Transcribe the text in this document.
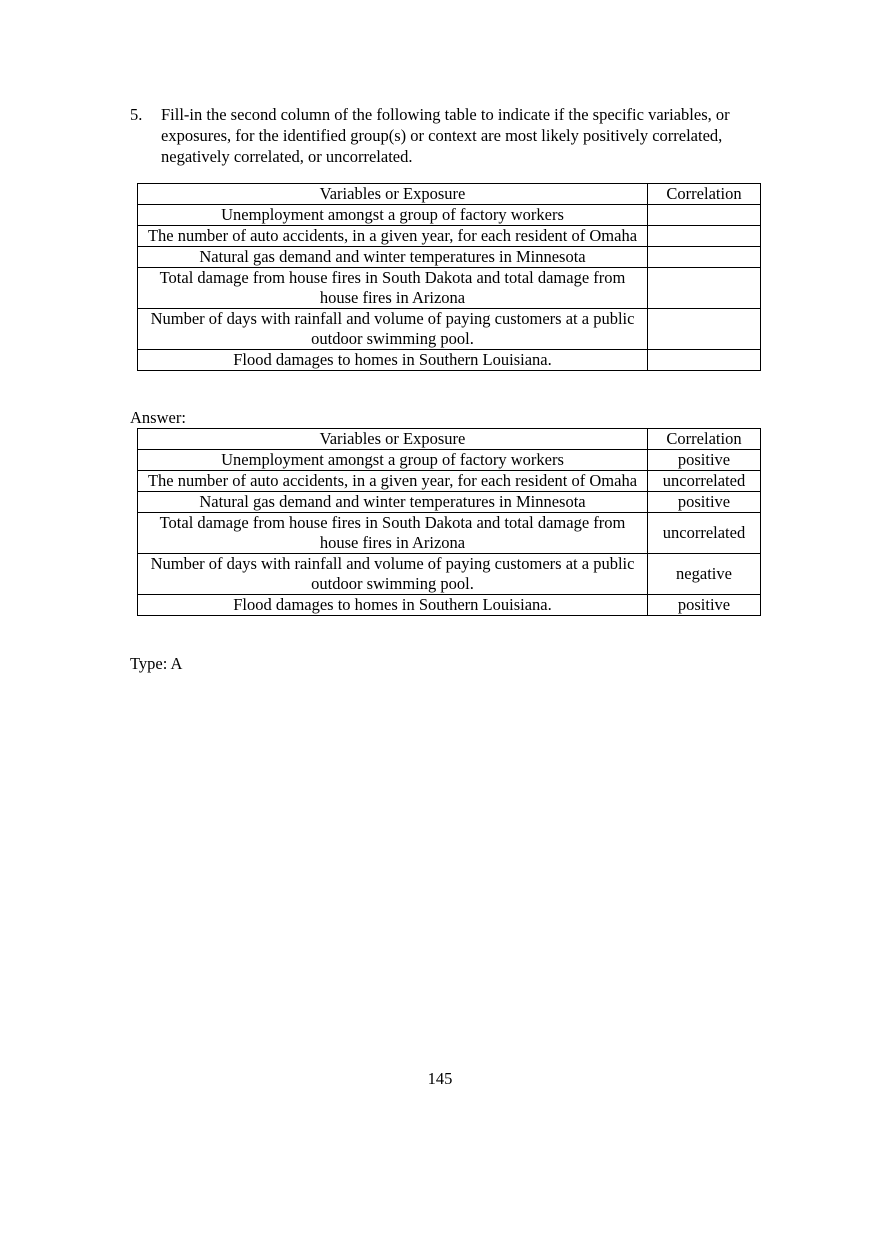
5. Fill-in the second column of the following table to indicate if the specific variables, or exposures, for the identified group(s) or context are most likely positively correlated, negatively correlated, or uncorrelated.
Variables or Exposure	Correlation
Unemployment amongst a group of factory workers	
The number of auto accidents, in a given year, for each resident of Omaha	
Natural gas demand and winter temperatures in Minnesota	
Total damage from house fires in South Dakota and total damage from house fires in Arizona	
Number of days with rainfall and volume of paying customers at a public outdoor swimming pool.	
Flood damages to homes in Southern Louisiana.	
Answer:
Variables or Exposure	Correlation
Unemployment amongst a group of factory workers	positive
The number of auto accidents, in a given year, for each resident of Omaha	uncorrelated
Natural gas demand and winter temperatures in Minnesota	positive
Total damage from house fires in South Dakota and total damage from house fires in Arizona	uncorrelated
Number of days with rainfall and volume of paying customers at a public outdoor swimming pool.	negative
Flood damages to homes in Southern Louisiana.	positive
Type: A
145
